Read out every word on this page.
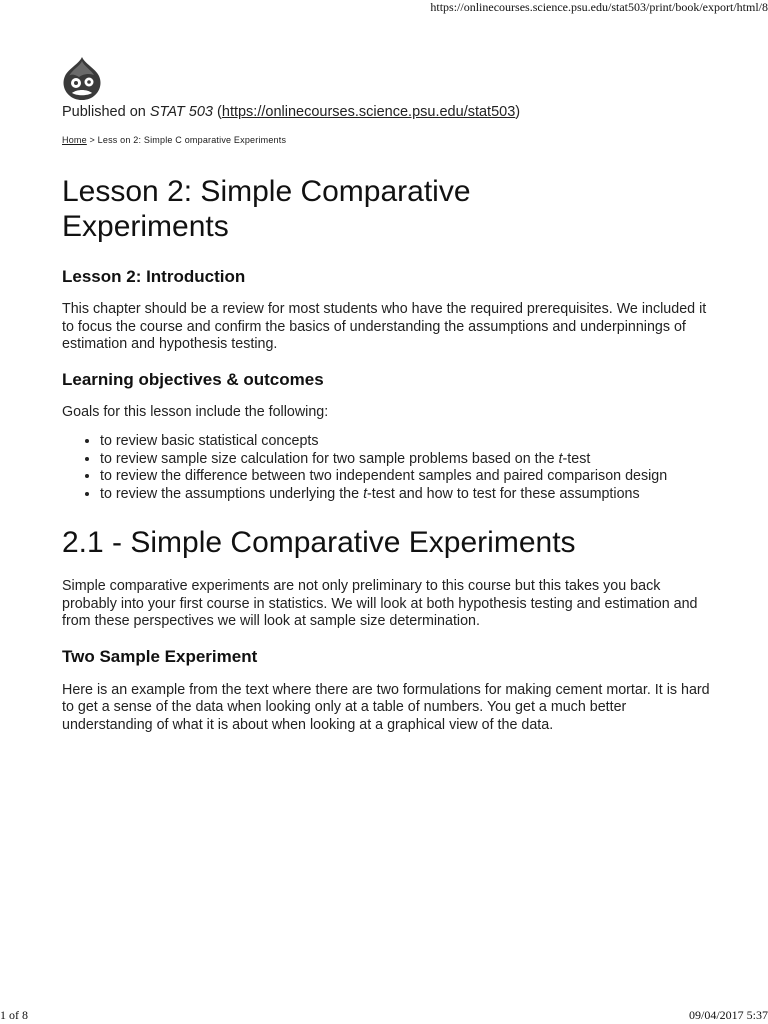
https://onlinecourses.science.psu.edu/stat503/print/book/export/html/8

Published on STAT 503 (https://onlinecourses.science.psu.edu/stat503)

Home > Less on 2: Simple C omparative Experiments
Lesson 2: Simple Comparative Experiments
Lesson 2: Introduction

This chapter should be a review for most students who have the required prerequisites. We included it to focus the course and confirm the basics of understanding the assumptions and underpinnings of estimation and hypothesis testing.

Learning objectives & outcomes

Goals for this lesson include the following:

• to review basic statistical concepts
• to review sample size calculation for two sample problems based on the t-test
• to review the difference between two independent samples and paired comparison design
• to review the assumptions underlying the t-test and how to test for these assumptions
2.1 - Simple Comparative Experiments

Simple comparative experiments are not only preliminary to this course but this takes you back probably into your first course in statistics. We will look at both hypothesis testing and estimation and from these perspectives we will look at sample size determination.

Two Sample Experiment

Here is an example from the text where there are two formulations for making cement mortar. It is hard to get a sense of the data when looking only at a table of numbers. You get a much better understanding of what it is about when looking at a graphical view of the data.

1 of 8	09/04/2017 5:37
